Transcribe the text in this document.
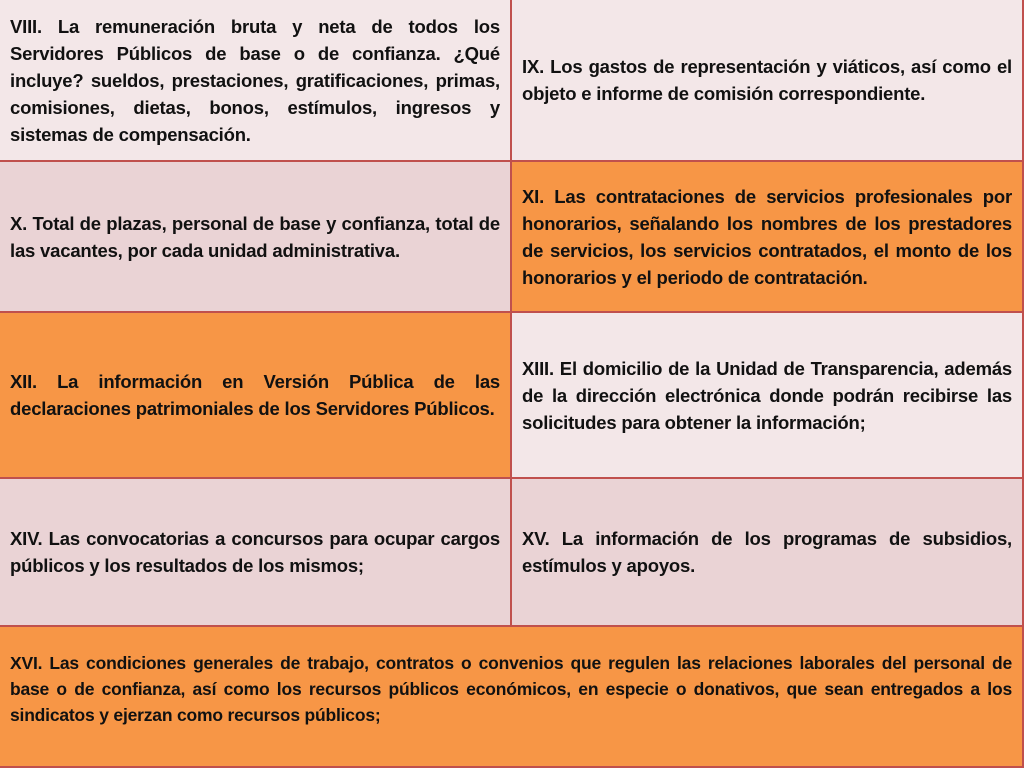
VIII. La remuneración bruta y neta de todos los Servidores Públicos de base o de confianza. ¿Qué incluye? sueldos, prestaciones, gratificaciones, primas, comisiones, dietas, bonos, estímulos, ingresos y sistemas de compensación.

IX. Los gastos de representación y viáticos, así como el objeto e informe de comisión correspondiente.

X. Total de plazas, personal de base y confianza, total de las vacantes, por cada unidad administrativa.

XI. Las contrataciones de servicios profesionales por honorarios, señalando los nombres de los prestadores de servicios, los servicios contratados, el monto de los honorarios y el periodo de contratación.

XII. La información en Versión Pública de las declaraciones patrimoniales de los Servidores Públicos.

XIII. El domicilio de la Unidad de Transparencia, además de la dirección electrónica donde podrán recibirse las solicitudes para obtener la información;

XIV. Las convocatorias a concursos para ocupar cargos públicos y los resultados de los mismos;

XV. La información de los programas de subsidios, estímulos y apoyos.

XVI. Las condiciones generales de trabajo, contratos o convenios que regulen las relaciones laborales del personal de base o de confianza, así como los recursos públicos económicos, en especie o donativos, que sean entregados a los sindicatos y ejerzan como recursos públicos;
